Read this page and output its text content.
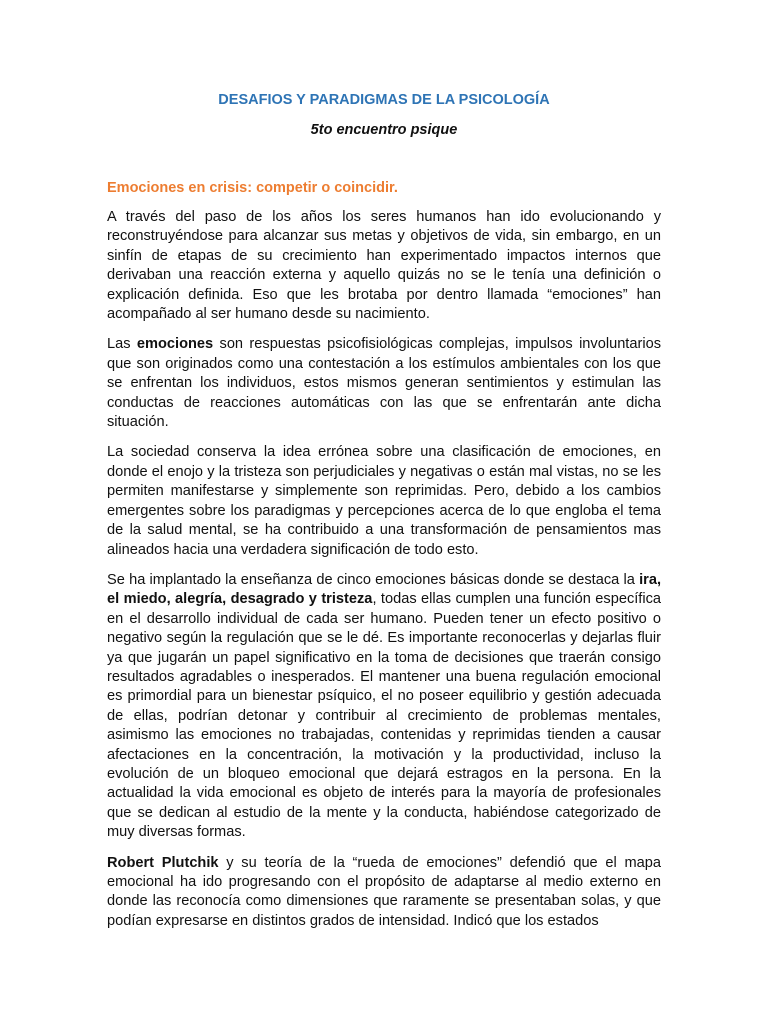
DESAFIOS Y PARADIGMAS DE LA PSICOLOGÍA
5to encuentro psique
Emociones en crisis: competir o coincidir.

A través del paso de los años los seres humanos han ido evolucionando y reconstruyéndose para alcanzar sus metas y objetivos de vida, sin embargo, en un sinfín de etapas de su crecimiento han experimentado impactos internos que derivaban una reacción externa y aquello quizás no se le tenía una definición o explicación definida. Eso que les brotaba por dentro llamada “emociones” han acompañado al ser humano desde su nacimiento.

Las emociones son respuestas psicofisiológicas complejas, impulsos involuntarios que son originados como una contestación a los estímulos ambientales con los que se enfrentan los individuos, estos mismos generan sentimientos y estimulan las conductas de reacciones automáticas con las que se enfrentarán ante dicha situación.

La sociedad conserva la idea errónea sobre una clasificación de emociones, en donde el enojo y la tristeza son perjudiciales y negativas o están mal vistas, no se les permiten manifestarse y simplemente son reprimidas. Pero, debido a los cambios emergentes sobre los paradigmas y percepciones acerca de lo que engloba el tema de la salud mental, se ha contribuido a una transformación de pensamientos mas alineados hacia una verdadera significación de todo esto.

Se ha implantado la enseñanza de cinco emociones básicas donde se destaca la ira, el miedo, alegría, desagrado y tristeza, todas ellas cumplen una función específica en el desarrollo individual de cada ser humano. Pueden tener un efecto positivo o negativo según la regulación que se le dé. Es importante reconocerlas y dejarlas fluir ya que jugarán un papel significativo en la toma de decisiones que traerán consigo resultados agradables o inesperados. El mantener una buena regulación emocional es primordial para un bienestar psíquico, el no poseer equilibrio y gestión adecuada de ellas, podrían detonar y contribuir al crecimiento de problemas mentales, asimismo las emociones no trabajadas, contenidas y reprimidas tienden a causar afectaciones en la concentración, la motivación y la productividad, incluso la evolución de un bloqueo emocional que dejará estragos en la persona. En la actualidad la vida emocional es objeto de interés para la mayoría de profesionales que se dedican al estudio de la mente y la conducta, habiéndose categorizado de muy diversas formas.

Robert Plutchik y su teoría de la “rueda de emociones” defendió que el mapa emocional ha ido progresando con el propósito de adaptarse al medio externo en donde las reconocía como dimensiones que raramente se presentaban solas, y que podían expresarse en distintos grados de intensidad. Indicó que los estados
